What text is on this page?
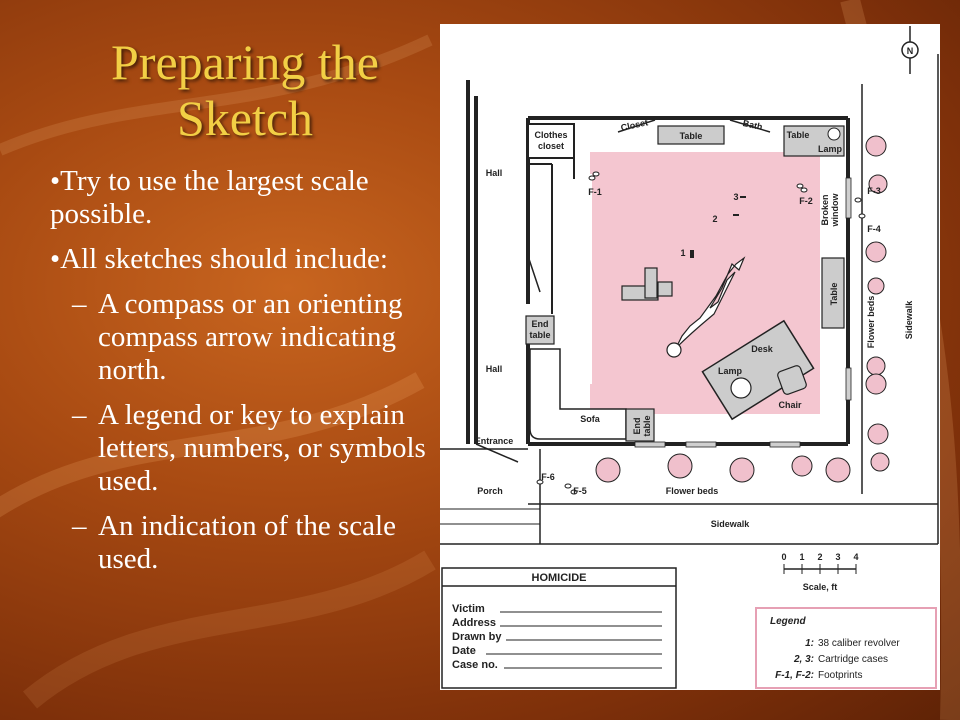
Preparing the Sketch

•Try to use the largest scale possible.

•All sketches should include:

– A compass or an orienting compass arrow indicating north.

– A legend or key to explain letters, numbers, or symbols used.

– An indication of the scale used.

N
Clothes
closet
Closet	Bath
Table	Table
Lamp
Hall
Hall
End
table
Sofa	End table
Entrance
Porch
Desk
Lamp
Chair
Table
Broken window
Flower beds
Flower beds
Sidewalk
Sidewalk
F-1
F-2
F-3
F-4
F-5
F-6
1
2
3
0 1 2 3 4
Scale, ft
HOMICIDE
Victim
Address
Drawn by
Date
Case no.
Legend
1: 38 caliber revolver
2, 3: Cartridge cases
F-1, F-2: Footprints
